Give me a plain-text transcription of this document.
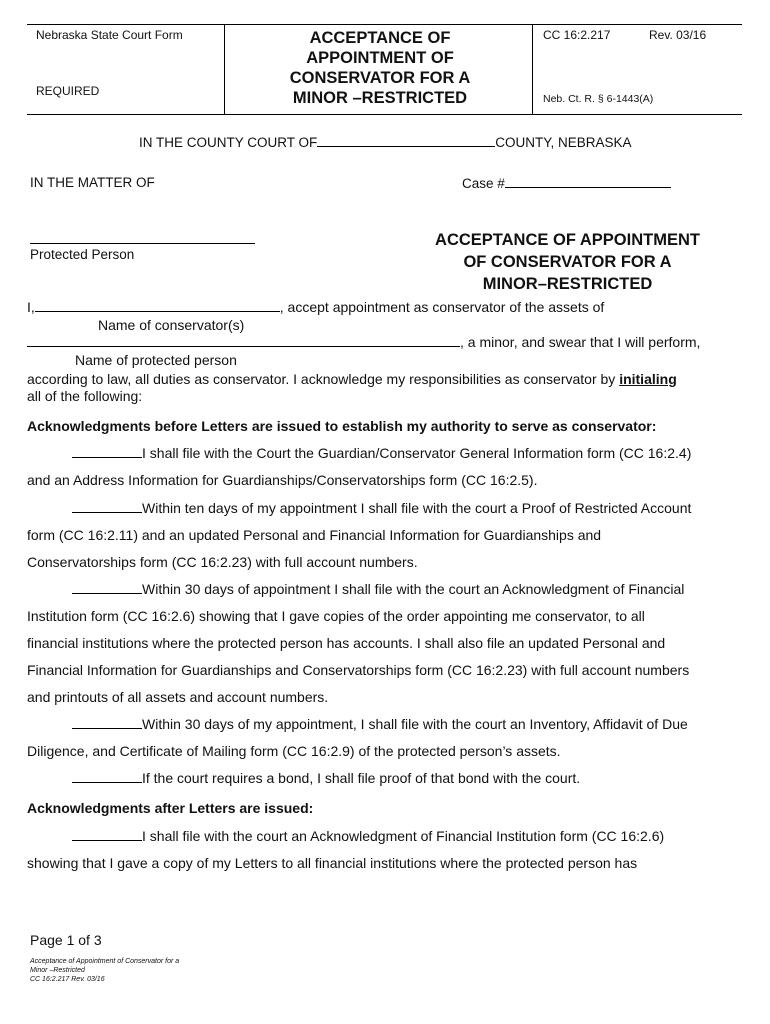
Nebraska State Court Form
REQUIRED
ACCEPTANCE OF
APPOINTMENT OF
CONSERVATOR FOR A
MINOR –RESTRICTED
CC 16:2.217	Rev. 03/16
Neb. Ct. R. § 6-1443(A)
IN THE COUNTY COURT OF	COUNTY, NEBRASKA
IN THE MATTER OF	Case #
Protected Person
ACCEPTANCE OF APPOINTMENT
OF CONSERVATOR FOR A
MINOR–RESTRICTED
I,	, accept appointment as conservator of the assets of
Name of conservator(s)
, a minor, and swear that I will perform,
Name of protected person
according to law, all duties as conservator. I acknowledge my responsibilities as conservator by initialing
all of the following:
Acknowledgments before Letters are issued to establish my authority to serve as conservator:
I shall file with the Court the Guardian/Conservator General Information form (CC 16:2.4)
and an Address Information for Guardianships/Conservatorships form (CC 16:2.5).
Within ten days of my appointment I shall file with the court a Proof of Restricted Account
form (CC 16:2.11) and an updated Personal and Financial Information for Guardianships and
Conservatorships form (CC 16:2.23) with full account numbers.
Within 30 days of appointment I shall file with the court an Acknowledgment of Financial
Institution form (CC 16:2.6) showing that I gave copies of the order appointing me conservator, to all
financial institutions where the protected person has accounts. I shall also file an updated Personal and
Financial Information for Guardianships and Conservatorships form (CC 16:2.23) with full account numbers
and printouts of all assets and account numbers.
Within 30 days of my appointment, I shall file with the court an Inventory, Affidavit of Due
Diligence, and Certificate of Mailing form (CC 16:2.9) of the protected person’s assets.
If the court requires a bond, I shall file proof of that bond with the court.
Acknowledgments after Letters are issued:
I shall file with the court an Acknowledgment of Financial Institution form (CC 16:2.6)
showing that I gave a copy of my Letters to all financial institutions where the protected person has
Page 1 of 3
Acceptance of Appointment of Conservator for a
Minor –Restricted
CC 16:2.217 Rev. 03/16
